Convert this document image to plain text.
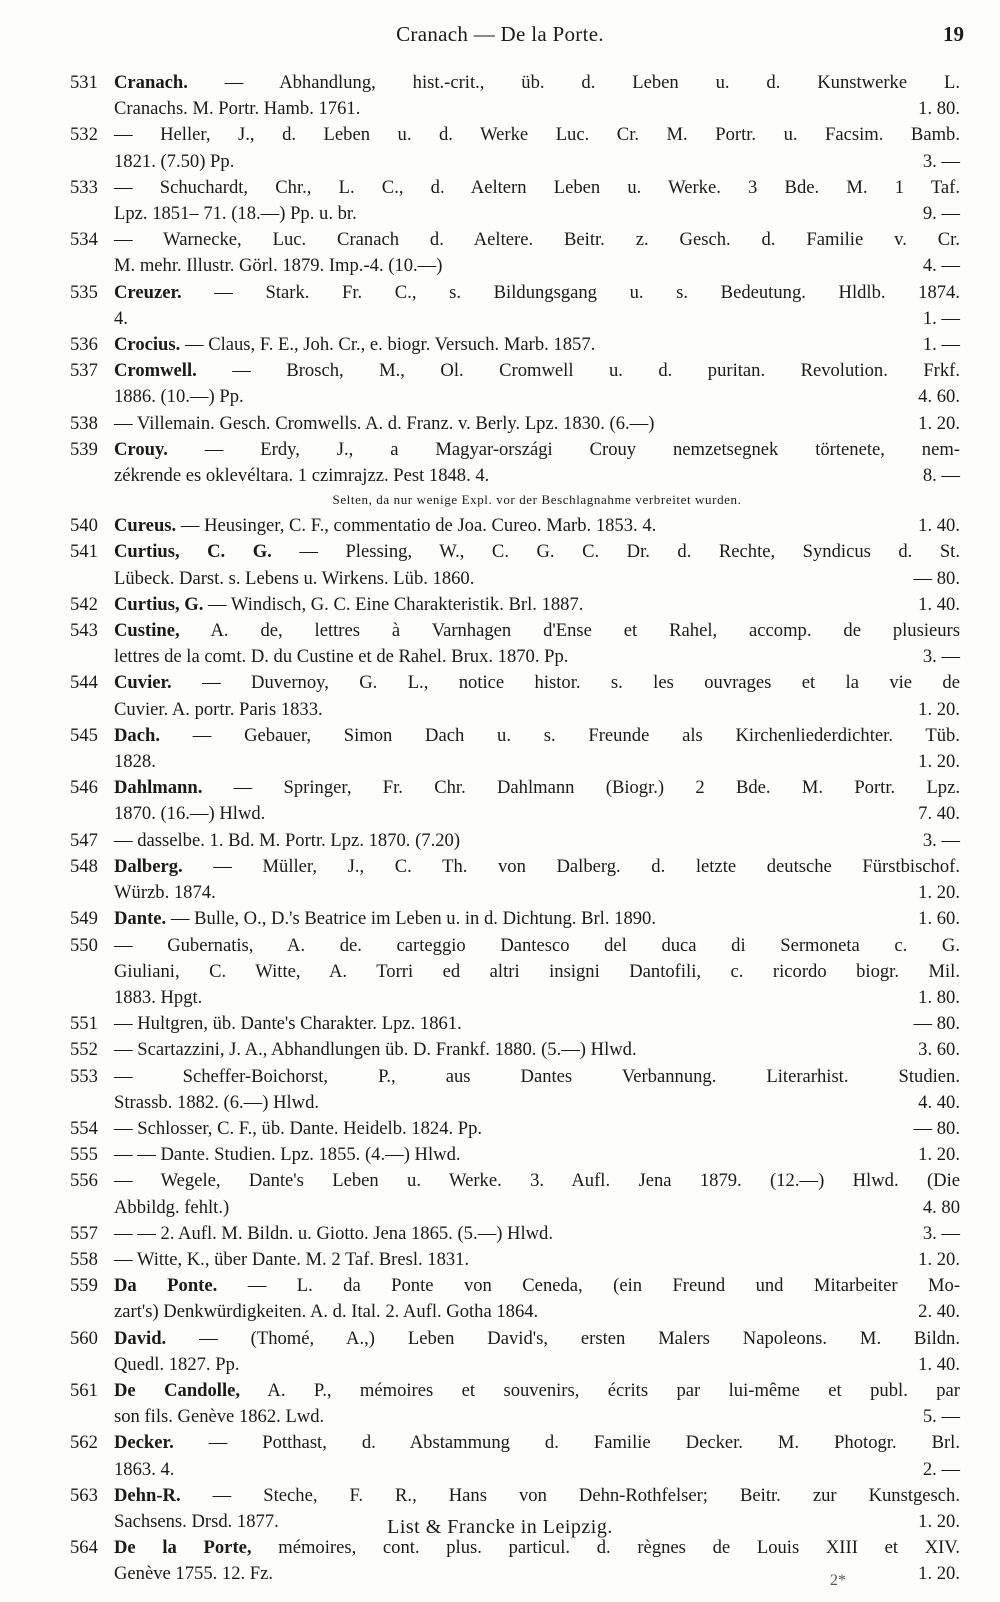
Cranach — De la Porte.	19
531 Cranach. — Abhandlung, hist.-crit., üb. d. Leben u. d. Kunstwerke L.
Cranachs. M. Portr. Hamb. 1761.	1. 80.
532 — Heller, J., d. Leben u. d. Werke Luc. Cr. M. Portr. u. Facsim. Bamb.
1821. (7.50) Pp.	3. —
533 — Schuchardt, Chr., L. C., d. Aeltern Leben u. Werke. 3 Bde. M. 1 Taf.
Lpz. 1851– 71. (18.—) Pp. u. br.	9. —
534 — Warnecke, Luc. Cranach d. Aeltere. Beitr. z. Gesch. d. Familie v. Cr.
M. mehr. Illustr. Görl. 1879. Imp.-4. (10.—)	4. —
535 Creuzer. — Stark. Fr. C., s. Bildungsgang u. s. Bedeutung. Hldlb. 1874.
4.	1. —
536 Crocius. — Claus, F. E., Joh. Cr., e. biogr. Versuch. Marb. 1857.	1. —
537 Cromwell. — Brosch, M., Ol. Cromwell u. d. puritan. Revolution. Frkf.
1886. (10.—) Pp.	4. 60.
538 — Villemain. Gesch. Cromwells. A. d. Franz. v. Berly. Lpz. 1830. (6.—)	1. 20.
539 Crouy. — Erdy, J., a Magyar-országi Crouy nemzetsegnek törtenete, nem-
zékrende es oklevéltara. 1 czimrajzz. Pest 1848. 4.	8. —
Selten, da nur wenige Expl. vor der Beschlagnahme verbreitet wurden.
540 Cureus. — Heusinger, C. F., commentatio de Joa. Cureo. Marb. 1853. 4.	1. 40.
541 Curtius, C. G. — Plessing, W., C. G. C. Dr. d. Rechte, Syndicus d. St.
Lübeck. Darst. s. Lebens u. Wirkens. Lüb. 1860.	— 80.
542 Curtius, G. — Windisch, G. C. Eine Charakteristik. Brl. 1887.	1. 40.
543 Custine, A. de, lettres à Varnhagen d'Ense et Rahel, accomp. de plusieurs
lettres de la comt. D. du Custine et de Rahel. Brux. 1870. Pp.	3. —
544 Cuvier. — Duvernoy, G. L., notice histor. s. les ouvrages et la vie de
Cuvier. A. portr. Paris 1833.	1. 20.
545 Dach. — Gebauer, Simon Dach u. s. Freunde als Kirchenliederdichter. Tüb.
1828.	1. 20.
546 Dahlmann. — Springer, Fr. Chr. Dahlmann (Biogr.) 2 Bde. M. Portr. Lpz.
1870. (16.—) Hlwd.	7. 40.
547 — dasselbe. 1. Bd. M. Portr. Lpz. 1870. (7.20)	3. —
548 Dalberg. — Müller, J., C. Th. von Dalberg. d. letzte deutsche Fürstbischof.
Würzb. 1874.	1. 20.
549 Dante. — Bulle, O., D.'s Beatrice im Leben u. in d. Dichtung. Brl. 1890.	1. 60.
550 — Gubernatis, A. de. carteggio Dantesco del duca di Sermoneta c. G.
Giuliani, C. Witte, A. Torri ed altri insigni Dantofili, c. ricordo biogr. Mil.
1883. Hpgt.	1. 80.
551 — Hultgren, üb. Dante's Charakter. Lpz. 1861.	— 80.
552 — Scartazzini, J. A., Abhandlungen üb. D. Frankf. 1880. (5.—) Hlwd.	3. 60.
553 — Scheffer-Boichorst, P., aus Dantes Verbannung. Literarhist. Studien.
Strassb. 1882. (6.—) Hlwd.	4. 40.
554 — Schlosser, C. F., üb. Dante. Heidelb. 1824. Pp.	— 80.
555 — — Dante. Studien. Lpz. 1855. (4.—) Hlwd.	1. 20.
556 — Wegele, Dante's Leben u. Werke. 3. Aufl. Jena 1879. (12.—) Hlwd. (Die
Abbildg. fehlt.)	4. 80
557 — — 2. Aufl. M. Bildn. u. Giotto. Jena 1865. (5.—) Hlwd.	3. —
558 — Witte, K., über Dante. M. 2 Taf. Bresl. 1831.	1. 20.
559 Da Ponte. — L. da Ponte von Ceneda, (ein Freund und Mitarbeiter Mo-
zart's) Denkwürdigkeiten. A. d. Ital. 2. Aufl. Gotha 1864.	2. 40.
560 David. — (Thomé, A.,) Leben David's, ersten Malers Napoleons. M. Bildn.
Quedl. 1827. Pp.	1. 40.
561 De Candolle, A. P., mémoires et souvenirs, écrits par lui-même et publ. par
son fils. Genève 1862. Lwd.	5. —
562 Decker. — Potthast, d. Abstammung d. Familie Decker. M. Photogr. Brl.
1863. 4.	2. —
563 Dehn-R. — Steche, F. R., Hans von Dehn-Rothfelser; Beitr. zur Kunstgesch.
Sachsens. Drsd. 1877.	1. 20.
564 De la Porte, mémoires, cont. plus. particul. d. règnes de Louis XIII et XIV.
Genève 1755. 12. Fz.	1. 20.
List & Francke in Leipzig.
2*
